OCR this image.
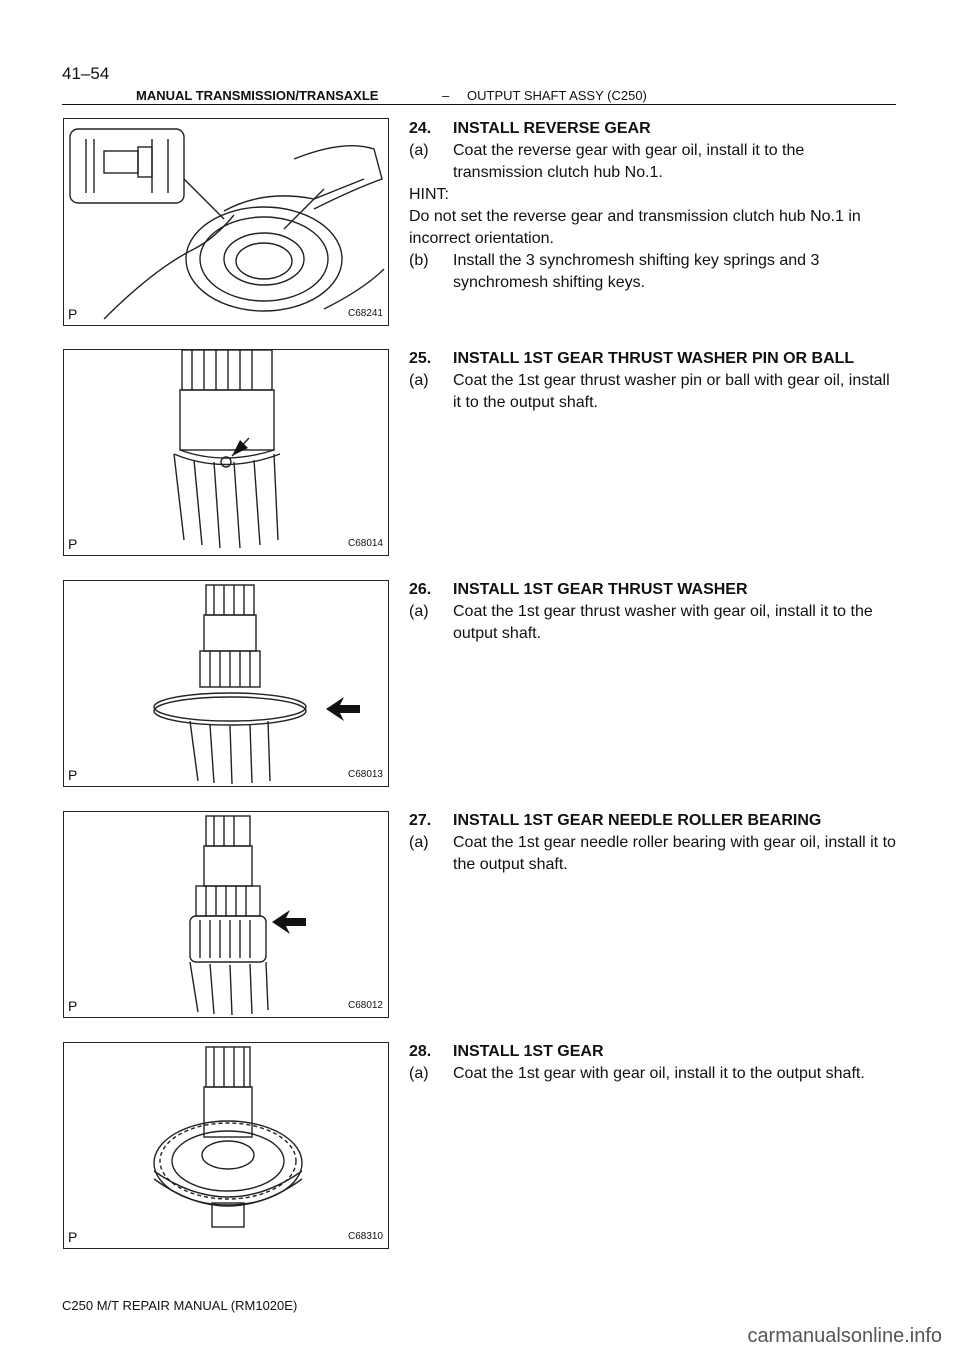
41–54
MANUAL TRANSMISSION/TRANSAXLE	– OUTPUT SHAFT ASSY (C250)
P	C68241
P	C68014
P	C68013
P	C68012
P	C68310
24.	INSTALL REVERSE GEAR
(a)	Coat the reverse gear with gear oil, install it to the transmission clutch hub No.1.
HINT:
Do not set the reverse gear and transmission clutch hub No.1 in incorrect orientation.
(b)	Install the 3 synchromesh shifting key springs and 3 synchromesh shifting keys.
25.	INSTALL 1ST GEAR THRUST WASHER PIN OR BALL
(a)	Coat the 1st gear thrust washer pin or ball with gear oil, install it to the output shaft.
26.	INSTALL 1ST GEAR THRUST WASHER
(a)	Coat the 1st gear thrust washer with gear oil, install it to the output shaft.
27.	INSTALL 1ST GEAR NEEDLE ROLLER BEARING
(a)	Coat the 1st gear needle roller bearing with gear oil, install it to the output shaft.
28.	INSTALL 1ST GEAR
(a)	Coat the 1st gear with gear oil, install it to the output shaft.
C250 M/T REPAIR MANUAL (RM1020E)
carmanualsonline.info
